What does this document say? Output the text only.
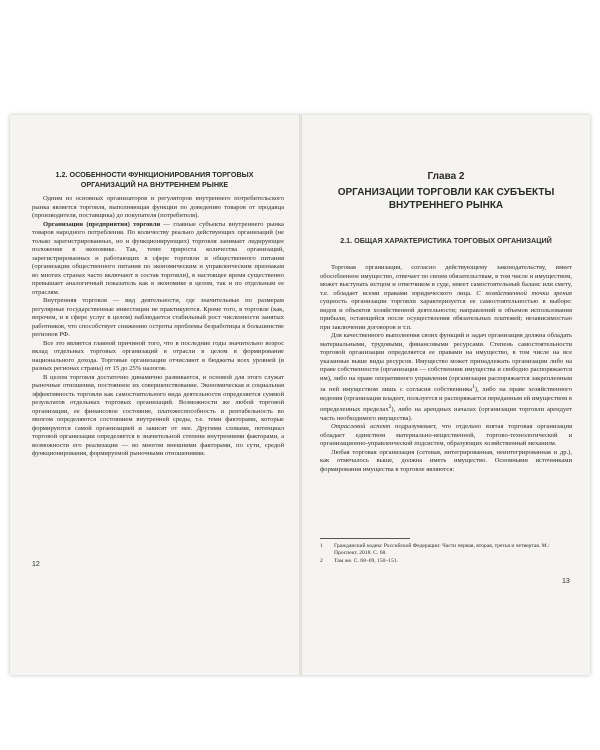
1.2. ОСОБЕННОСТИ ФУНКЦИОНИРОВАНИЯ ТОРГОВЫХ ОРГАНИЗАЦИЙ НА ВНУТРЕННЕМ РЫНКЕ

Одним из основных организаторов и регуляторов внутреннего потребительского рынка является торговля, выполняющая функции по доведению товаров от продавца (производителя, поставщика) до покупателя (потребителя).

Организации (предприятия) торговли — главные субъекты внутреннего рынка товаров народного потребления. По количеству реально действующих организаций (не только зарегистрированных, но и функционирующих) торговля занимает лидирующее положение в экономике. Так, темп прироста количества организаций, зарегистрированных и работающих в сфере торговли и общественного питания (организации общественного питания по экономическим и управленческим признакам во многих странах часто включают в состав торговли), в настоящее время существенно превышает аналогичный показатель как в экономике в целом, так и по отдельным ее отраслям.

Внутренняя торговля — вид деятельности, где значительные по размерам регулярные государственные инвестиции не практикуются. Кроме того, в торговле (как, впрочем, и в сфере услуг в целом) наблюдается стабильный рост численности занятых работников, что способствует снижению остроты проблемы безработицы в большинстве регионов РФ.

Все это является главной причиной того, что в последние годы значительно возрос вклад отдельных торговых организаций в отрасли в целом в формирование национального дохода. Торговые организации отчисляют в бюджеты всех уровней (в разных регионах страны) от 15 до 25% налогов.

В целом торговля достаточно динамично развивается, и основой для этого служат рыночные отношения, постоянное их совершенствование. Экономическая и социальная эффективность торговли как самостоятельного вида деятельности определяется суммой результатов отдельных торговых организаций. Возможности же любой торговой организации, ее финансовое состояние, платежеспособность и рентабельность во многом определяются состоянием внутренней среды, т.е. теми факторами, которые формируются самой организацией и зависят от нее. Другими словами, потенциал торговой организации определяется в значительной степени внутренними факторами, а возможности его реализации — во многом внешними факторами, по сути, средой функционирования, формируемой рыночными отношениями.

12
Глава 2
ОРГАНИЗАЦИИ ТОРГОВЛИ КАК СУБЪЕКТЫ ВНУТРЕННЕГО РЫНКА
2.1. ОБЩАЯ ХАРАКТЕРИСТИКА ТОРГОВЫХ ОРГАНИЗАЦИЙ

Торговая организация, согласно действующему законодательству, имеет обособленное имущество, отвечает по своим обязательствам, в том числе и имуществом, может выступать истцом и ответчиком в суде, имеет самостоятельный баланс или смету, т.е. обладает всеми правами юридического лица. С хозяйственной точки зрения сущность организации торговли характеризуется ее самостоятельностью в выборе: видов и объектов хозяйственной деятельности; направлений и объемов использования прибыли, остающейся после осуществления обязательных платежей; независимостью при заключении договоров и т.п.

Для качественного выполнения своих функций и задач организация должна обладать материальными, трудовыми, финансовыми ресурсами. Степень самостоятельности торговой организации определяется ее правами на имущество, в том числе на все указанные выше виды ресурсов. Имущество может принадлежать организации либо на праве собственности (организация — собственник имущества и свободно распоряжается им), либо на праве оперативного управления (организация распоряжается закрепленным за ней имуществом лишь с согласия собственника$^1$), либо на праве хозяйственного ведения (организация владеет, пользуется и распоряжается переданным ей имуществом в определенных пределах$^2$), либо на арендных началах (организация торговли арендует часть необходимого имущества).

Отраслевой аспект подразумевает, что отдельно взятая торговая организация обладает единством материально-вещественной, торгово-технологической и организационно-управленческой подсистем, образующих хозяйственный механизм.

Любая торговая организация (сетевая, интегрированная, неинтегрированная и др.), как отмечалось выше, должна иметь имущество. Основными источниками формирования имущества в торговле являются:

1 Гражданский кодекс Российской Федерации: Части первая, вторая, третья и четвертая. М.: Проспект, 2018. С. 68.
2 Там же. С. 68–69, 150–151.
13
